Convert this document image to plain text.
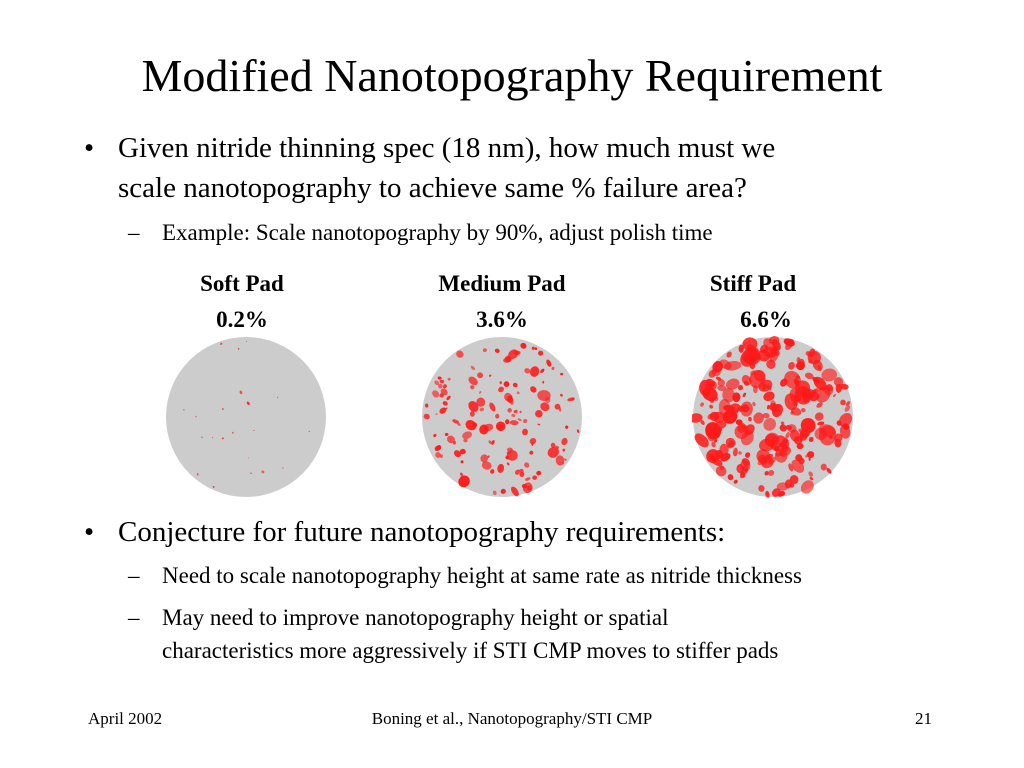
Modified Nanotopography Requirement
• Given nitride thinning spec (18 nm), how much must we
scale nanotopography to achieve same % failure area?
– Example: Scale nanotopography by 90%, adjust polish time
Soft Pad
0.2%
Medium Pad
3.6%
Stiff Pad
6.6%
• Conjecture for future nanotopography requirements:
– Need to scale nanotopography height at same rate as nitride thickness
– May need to improve nanotopography height or spatial
characteristics more aggressively if STI CMP moves to stiffer pads
April 2002	Boning et al., Nanotopography/STI CMP	21
